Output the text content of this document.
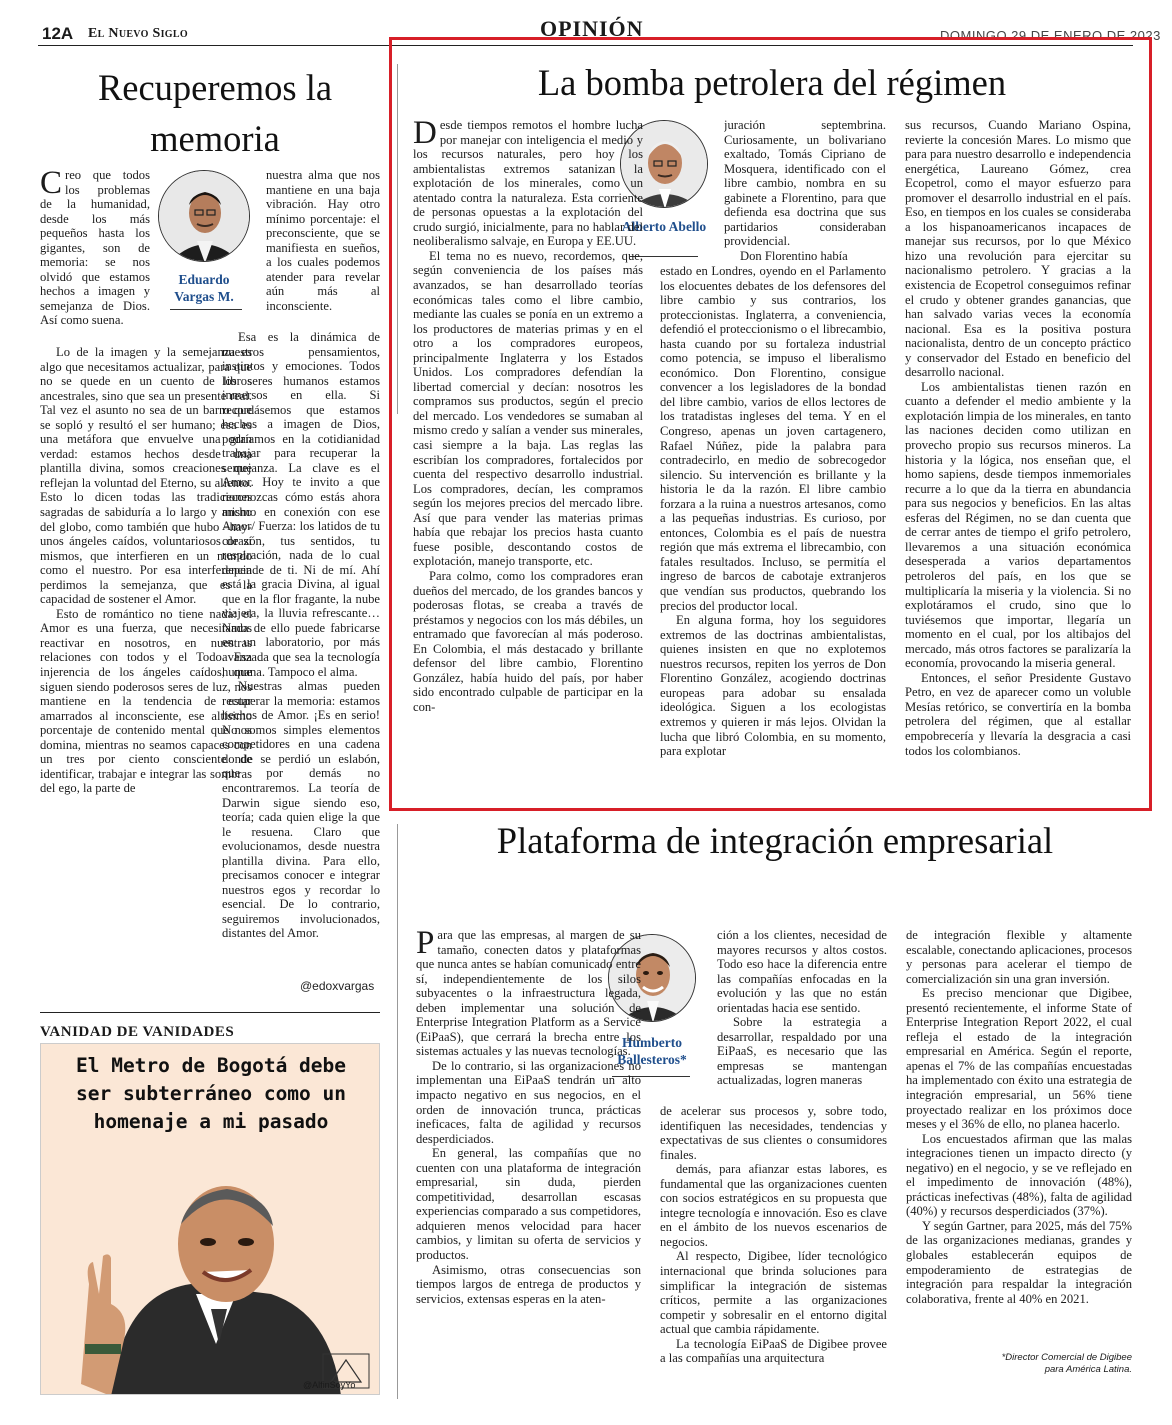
12A El Nuevo Siglo	OPINIÓN	DOMINGO 29 DE ENERO DE 2023
Recuperemos la memoria
Eduardo Vargas M.

Creo que todos los problemas de la humanidad, desde los más pequeños hasta los gigantes, son de memoria: se nos olvidó que estamos hechos a imagen y semejanza de Dios. Así como suena.

Lo de la imagen y la semejanza es algo que necesitamos actualizar, para que no se quede en un cuento de libros ancestrales, sino que sea un presente real. Tal vez el asunto no sea de un barro que se sopló y resultó el ser humano; esa es una metáfora que envuelve una gran verdad: estamos hechos desde una plantilla divina, somos creaciones que reflejan la voluntad del Eterno, su aliento. Esto lo dicen todas las tradiciones sagradas de sabiduría a lo largo y ancho del globo, como también que hubo –hay- unos ángeles caídos, voluntariosos de sí mismos, que interfieren en un mundo como el nuestro. Por esa interferencia perdimos la semejanza, que es la capacidad de sostener el Amor.

Esto de romántico no tiene nada: el Amor es una fuerza, que necesitamos reactivar en nosotros, en nuestras relaciones con todos y el Todo. Esa injerencia de los ángeles caídos, que siguen siendo poderosos seres de luz, nos mantiene en la tendencia de estar amarrados al inconsciente, ese altísimo porcentaje de contenido mental que nos domina, mientras no seamos capaces con un tres por ciento consciente de identificar, trabajar e integrar las sombras del ego, la parte de

nuestra alma que nos mantiene en una baja vibración. Hay otro mínimo porcentaje: el preconsciente, que se manifiesta en sueños, a los cuales podemos atender para revelar aún más al inconsciente.

Esa es la dinámica de nuestros pensamientos, instintos y emociones. Todos los seres humanos estamos inmersos en ella. Si recordásemos que estamos hechos a imagen de Dios, podríamos en la cotidianidad trabajar para recuperar la semejanza. La clave es el Amor. Hoy te invito a que reconozcas cómo estás ahora mismo en conexión con ese Amor/ Fuerza: los latidos de tu corazón, tus sentidos, tu respiración, nada de lo cual depende de ti. Ni de mí. Ahí está la gracia Divina, al igual que en la flor fragante, la nube viajera, la lluvia refrescante… Nada de ello puede fabricarse en un laboratorio, por más avanzada que sea la tecnología humana. Tampoco el alma.

Nuestras almas pueden recuperar la memoria: estamos hechos de Amor. ¡Es en serio! No somos simples elementos competidores en una cadena donde se perdió un eslabón, que por demás no encontraremos. La teoría de Darwin sigue siendo eso, teoría; cada quien elige la que le resuena. Claro que evolucionamos, desde nuestra plantilla divina. Para ello, precisamos conocer e integrar nuestros egos y recordar lo esencial. De lo contrario, seguiremos involucionados, distantes del Amor.

@edoxvargas
VANIDAD DE VANIDADES
El Metro de Bogotá debe ser subterráneo como un homenaje a mi pasado
@AlfinSoyYo
La bomba petrolera del régimen
Alberto Abello

Desde tiempos remotos el hombre lucha por manejar con inteligencia el medio y los recursos naturales, pero hoy los ambientalistas extremos satanizan la explotación de los minerales, como un atentado contra la naturaleza. Esta corriente de personas opuestas a la explotación del crudo surgió, inicialmente, para no hablar del neoliberalismo salvaje, en Europa y EE.UU.

El tema no es nuevo, recordemos, que, según conveniencia de los países más avanzados, se han desarrollado teorías económicas tales como el libre cambio, mediante las cuales se ponía en un extremo a los productores de materias primas y en el otro a los compradores europeos, principalmente Inglaterra y los Estados Unidos. Los compradores defendían la libertad comercial y decían: nosotros les compramos sus productos, según el precio del mercado. Los vendedores se sumaban al mismo credo y salían a vender sus minerales, casi siempre a la baja. Las reglas las escribían los compradores, fortalecidos por cuenta del respectivo desarrollo industrial. Los compradores, decían, les compramos según los mejores precios del mercado libre. Así que para vender las materias primas había que rebajar los precios hasta cuanto fuese posible, descontando costos de explotación, manejo transporte, etc.

Para colmo, como los compradores eran dueños del mercado, de los grandes bancos y poderosas flotas, se creaba a través de préstamos y negocios con los más débiles, un entramado que favorecían al más poderoso. En Colombia, el más destacado y brillante defensor del libre cambio, Florentino González, había huido del país, por haber sido encontrado culpable de participar en la con-

juración septembrina. Curiosamente, un bolivariano exaltado, Tomás Cipriano de Mosquera, identificado con el libre cambio, nombra en su gabinete a Florentino, para que defienda esa doctrina que sus partidarios consideraban providencial.

Don Florentino había

estado en Londres, oyendo en el Parlamento los elocuentes debates de los defensores del libre cambio y sus contrarios, los proteccionistas. Inglaterra, a conveniencia, defendió el proteccionismo o el librecambio, hasta cuando por su fortaleza industrial como potencia, se impuso el liberalismo económico. Don Florentino, consigue convencer a los legisladores de la bondad del libre cambio, varios de ellos lectores de los tratadistas ingleses del tema. Y en el Congreso, apenas un joven cartagenero, Rafael Núñez, pide la palabra para contradecirlo, en medio de sobrecogedor silencio. Su intervención es brillante y la historia le da la razón. El libre cambio forzara a la ruina a nuestros artesanos, como a las pequeñas industrias. Es curioso, por entonces, Colombia es el país de nuestra región que más extrema el librecambio, con fatales resultados. Incluso, se permitía el ingreso de barcos de cabotaje extranjeros que vendían sus productos, quebrando los precios del productor local.

En alguna forma, hoy los seguidores extremos de las doctrinas ambientalistas, quienes insisten en que no explotemos nuestros recursos, repiten los yerros de Don Florentino González, acogiendo doctrinas europeas para adobar su ensalada ideológica. Siguen a los ecologistas extremos y quieren ir más lejos. Olvidan la lucha que libró Colombia, en su momento, para explotar

sus recursos, Cuando Mariano Ospina, revierte la concesión Mares. Lo mismo que para para nuestro desarrollo e independencia energética, Laureano Gómez, crea Ecopetrol, como el mayor esfuerzo para promover el desarrollo industrial en el país. Eso, en tiempos en los cuales se consideraba a los hispanoamericanos incapaces de manejar sus recursos, por lo que México hizo una revolución para ejercitar su nacionalismo petrolero. Y gracias a la existencia de Ecopetrol conseguimos refinar el crudo y obtener grandes ganancias, que han salvado varias veces la economía nacional. Esa es la positiva postura nacionalista, dentro de un concepto práctico y conservador del Estado en beneficio del desarrollo nacional.

Los ambientalistas tienen razón en cuanto a defender el medio ambiente y la explotación limpia de los minerales, en tanto las naciones deciden como utilizan en provecho propio sus recursos mineros. La historia y la lógica, nos enseñan que, el homo sapiens, desde tiempos inmemoriales recurre a lo que da la tierra en abundancia para sus negocios y beneficios. En las altas esferas del Régimen, no se dan cuenta que de cerrar antes de tiempo el grifo petrolero, llevaremos a una situación económica desesperada a varios departamentos petroleros del país, en los que se multiplicaría la miseria y la violencia. Si no explotáramos el crudo, sino que lo tuviésemos que importar, llegaría un momento en el cual, por los altibajos del mercado, más otros factores se paralizaría la economía, provocando la miseria general.

Entonces, el señor Presidente Gustavo Petro, en vez de aparecer como un voluble Mesías retórico, se convertiría en la bomba petrolera del régimen, que al estallar empobrecería y llevaría la desgracia a casi todos los colombianos.

Plataforma de integración empresarial
Humberto Ballesteros*

Para que las empresas, al margen de su tamaño, conecten datos y plataformas que nunca antes se habían comunicado entre sí, independientemente de los silos subyacentes o la infraestructura legada, deben implementar una solución de Enterprise Integration Platform as a Service (EiPaaS), que cerrará la brecha entre los sistemas actuales y las nuevas tecnologías.

De lo contrario, si las organizaciones no implementan una EiPaaS tendrán un alto impacto negativo en sus negocios, en el orden de innovación trunca, prácticas ineficaces, falta de agilidad y recursos desperdiciados.

En general, las compañías que no cuenten con una plataforma de integración empresarial, sin duda, pierden competitividad, desarrollan escasas experiencias comparado a sus competidores, adquieren menos velocidad para hacer cambios, y limitan su oferta de servicios y productos.

Asimismo, otras consecuencias son tiempos largos de entrega de productos y servicios, extensas esperas en la aten-

ción a los clientes, necesidad de mayores recursos y altos costos. Todo eso hace la diferencia entre las compañías enfocadas en la evolución y las que no están orientadas hacia ese sentido.

Sobre la estrategia a desarrollar, respaldado por una EiPaaS, es necesario que las empresas se mantengan actualizadas, logren maneras

de acelerar sus procesos y, sobre todo, identifiquen las necesidades, tendencias y expectativas de sus clientes o consumidores finales.

demás, para afianzar estas labores, es fundamental que las organizaciones cuenten con socios estratégicos en su propuesta que integre tecnología e innovación. Eso es clave en el ámbito de los nuevos escenarios de negocios.

Al respecto, Digibee, líder tecnológico internacional que brinda soluciones para simplificar la integración de sistemas críticos, permite a las organizaciones competir y sobresalir en el entorno digital actual que cambia rápidamente.

La tecnología EiPaaS de Digibee provee a las compañías una arquitectura

de integración flexible y altamente escalable, conectando aplicaciones, procesos y personas para acelerar el tiempo de comercialización sin una gran inversión.

Es preciso mencionar que Digibee, presentó recientemente, el informe State of Enterprise Integration Report 2022, el cual refleja el estado de la integración empresarial en América. Según el reporte, apenas el 7% de las compañías encuestadas ha implementado con éxito una estrategia de integración empresarial, un 56% tiene proyectado realizar en los próximos doce meses y el 36% de ello, no planea hacerlo.

Los encuestados afirman que las malas integraciones tienen un impacto directo (y negativo) en el negocio, y se ve reflejado en el impedimento de innovación (48%), prácticas inefectivas (48%), falta de agilidad (40%) y recursos desperdiciados (37%).

Y según Gartner, para 2025, más del 75% de las organizaciones medianas, grandes y globales establecerán equipos de empoderamiento de estrategias de integración para respaldar la integración colaborativa, frente al 40% en 2021.

*Director Comercial de Digibee
para América Latina.
